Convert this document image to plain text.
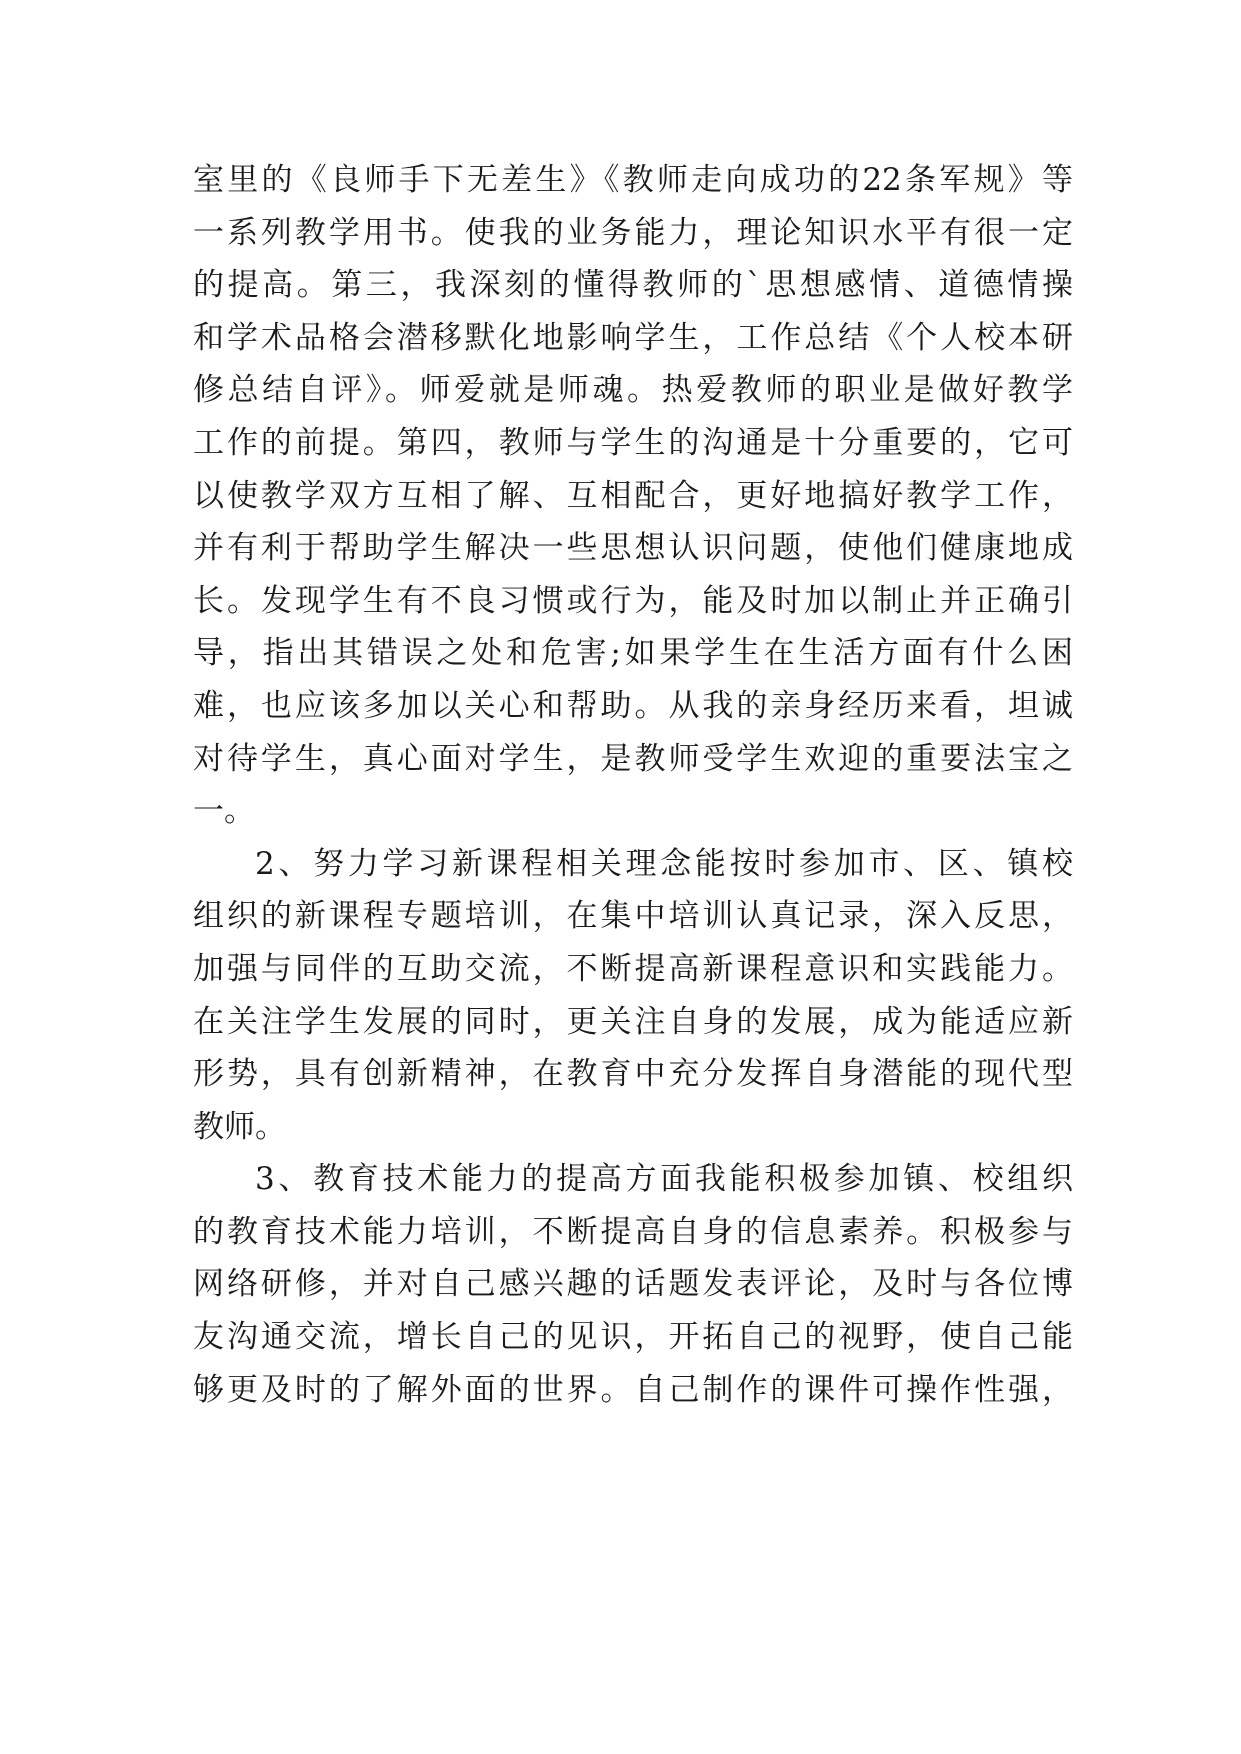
室里的《良师手下无差生》《教师走向成功的22条军规》等
一系列教学用书。使我的业务能力，理论知识水平有很一定
的提高。第三，我深刻的懂得教师的`思想感情、道德情操
和学术品格会潜移默化地影响学生，工作总结《个人校本研
修总结自评》。师爱就是师魂。热爱教师的职业是做好教学
工作的前提。第四，教师与学生的沟通是十分重要的，它可
以使教学双方互相了解、互相配合，更好地搞好教学工作，
并有利于帮助学生解决一些思想认识问题，使他们健康地成
长。发现学生有不良习惯或行为，能及时加以制止并正确引
导，指出其错误之处和危害;如果学生在生活方面有什么困
难，也应该多加以关心和帮助。从我的亲身经历来看，坦诚
对待学生，真心面对学生，是教师受学生欢迎的重要法宝之
一。
2、努力学习新课程相关理念能按时参加市、区、镇校
组织的新课程专题培训，在集中培训认真记录，深入反思，
加强与同伴的互助交流，不断提高新课程意识和实践能力。
在关注学生发展的同时，更关注自身的发展，成为能适应新
形势，具有创新精神，在教育中充分发挥自身潜能的现代型
教师。
3、教育技术能力的提高方面我能积极参加镇、校组织
的教育技术能力培训，不断提高自身的信息素养。积极参与
网络研修，并对自己感兴趣的话题发表评论，及时与各位博
友沟通交流，增长自己的见识，开拓自己的视野，使自己能
够更及时的了解外面的世界。自己制作的课件可操作性强，
